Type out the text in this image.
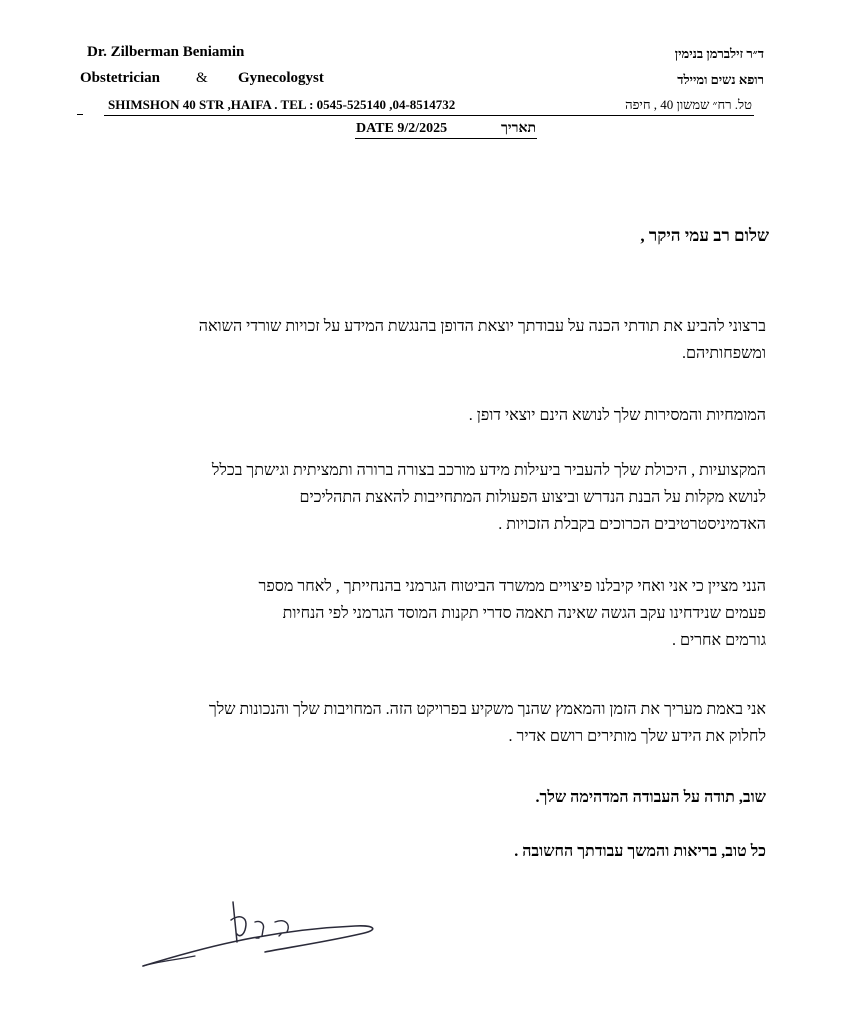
Dr. Zilberman Beniamin
Obstetrician & Gynecologyst
ד״ר זילברמן בנימין
רופא נשים ומיילד
SHIMSHON 40 STR ,HAIFA . TEL : 0545-525140 ,04-8514732	טל. רח״ שמשון 40 , חיפה
DATE 9/2/2025	תאריך
שלום רב עמי היקר ,

ברצוני להביע את תודתי הכנה על עבודתך יוצאת הדופן בהנגשת המידע על זכויות שורדי השואה

ומשפחותיהם.

המומחיות והמסירות שלך לנושא הינם יוצאי דופן .

המקצועיות , היכולת שלך להעביר ביעילות מידע מורכב בצורה ברורה ותמציתית וגישתך בכלל

לנושא מקלות על הבנת הנדרש וביצוע הפעולות המתחייבות להאצת התהליכים

האדמיניסטרטיבים הכרוכים בקבלת הזכויות .

הנני מציין כי אני ואחי קיבלנו פיצויים ממשרד הביטוח הגרמני בהנחייתך , לאחר מספר

פעמים שנידחינו עקב הגשה שאינה תאמה סדרי תקנות המוסד הגרמני לפי הנחיות

גורמים אחרים .

אני באמת מעריך את הזמן והמאמץ שהנך משקיע בפרויקט הזה. המחויבות שלך והנכונות שלך

לחלוק את הידע שלך מותירים רושם אדיר .

שוב, תודה על העבודה המדהימה שלך.
כל טוב, בריאות והמשך עבודתך החשובה .
